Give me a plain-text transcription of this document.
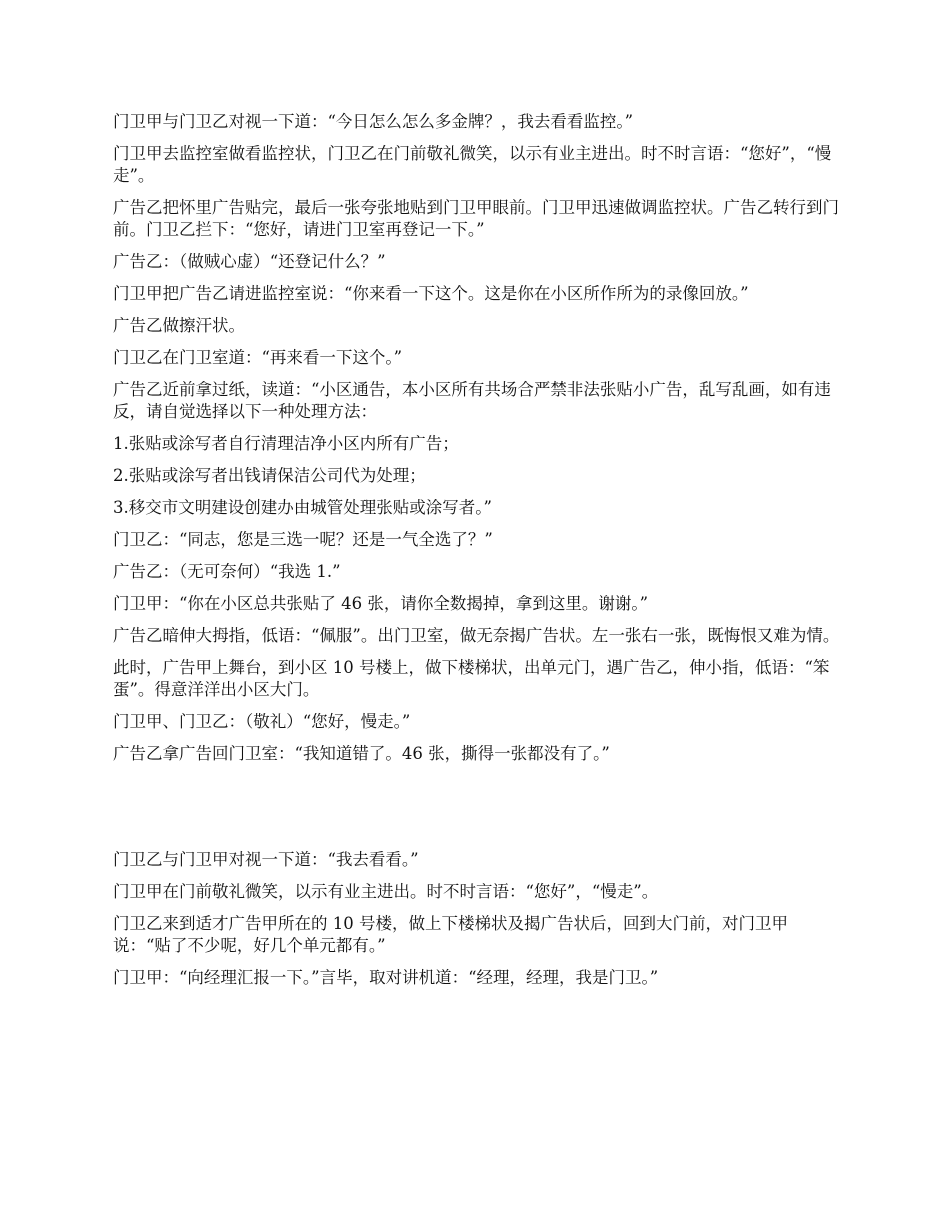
门卫甲与门卫乙对视一下道：“今日怎么怎么多金牌？，我去看看监控。”

门卫甲去监控室做看监控状，门卫乙在门前敬礼微笑，以示有业主进出。时不时言语：“您好”，“慢走”。

广告乙把怀里广告贴完，最后一张夸张地贴到门卫甲眼前。门卫甲迅速做调监控状。广告乙转行到门前。门卫乙拦下：“您好，请进门卫室再登记一下。”

广告乙：（做贼心虚）“还登记什么？”

门卫甲把广告乙请进监控室说：“你来看一下这个。这是你在小区所作所为的录像回放。”

广告乙做擦汗状。

门卫乙在门卫室道：“再来看一下这个。”

广告乙近前拿过纸，读道：“小区通告，本小区所有共场合严禁非法张贴小广告，乱写乱画，如有违反，请自觉选择以下一种处理方法：

1.张贴或涂写者自行清理洁净小区内所有广告；

2.张贴或涂写者出钱请保洁公司代为处理；

3.移交市文明建设创建办由城管处理张贴或涂写者。”

门卫乙：“同志，您是三选一呢？还是一气全选了？”

广告乙：（无可奈何）“我选 1.”

门卫甲：“你在小区总共张贴了 46 张，请你全数揭掉，拿到这里。谢谢。”

广告乙暗伸大拇指，低语：“佩服”。出门卫室，做无奈揭广告状。左一张右一张，既悔恨又难为情。

此时，广告甲上舞台，到小区 10 号楼上，做下楼梯状，出单元门，遇广告乙，伸小指，低语：“笨蛋”。得意洋洋出小区大门。

门卫甲、门卫乙：（敬礼）“您好，慢走。”

广告乙拿广告回门卫室：“我知道错了。46 张，撕得一张都没有了。”

门卫乙与门卫甲对视一下道：“我去看看。”

门卫甲在门前敬礼微笑，以示有业主进出。时不时言语：“您好”，“慢走”。

门卫乙来到适才广告甲所在的 10 号楼，做上下楼梯状及揭广告状后，回到大门前，对门卫甲说：“贴了不少呢，好几个单元都有。”

门卫甲：“向经理汇报一下。”言毕，取对讲机道：“经理，经理，我是门卫。”
